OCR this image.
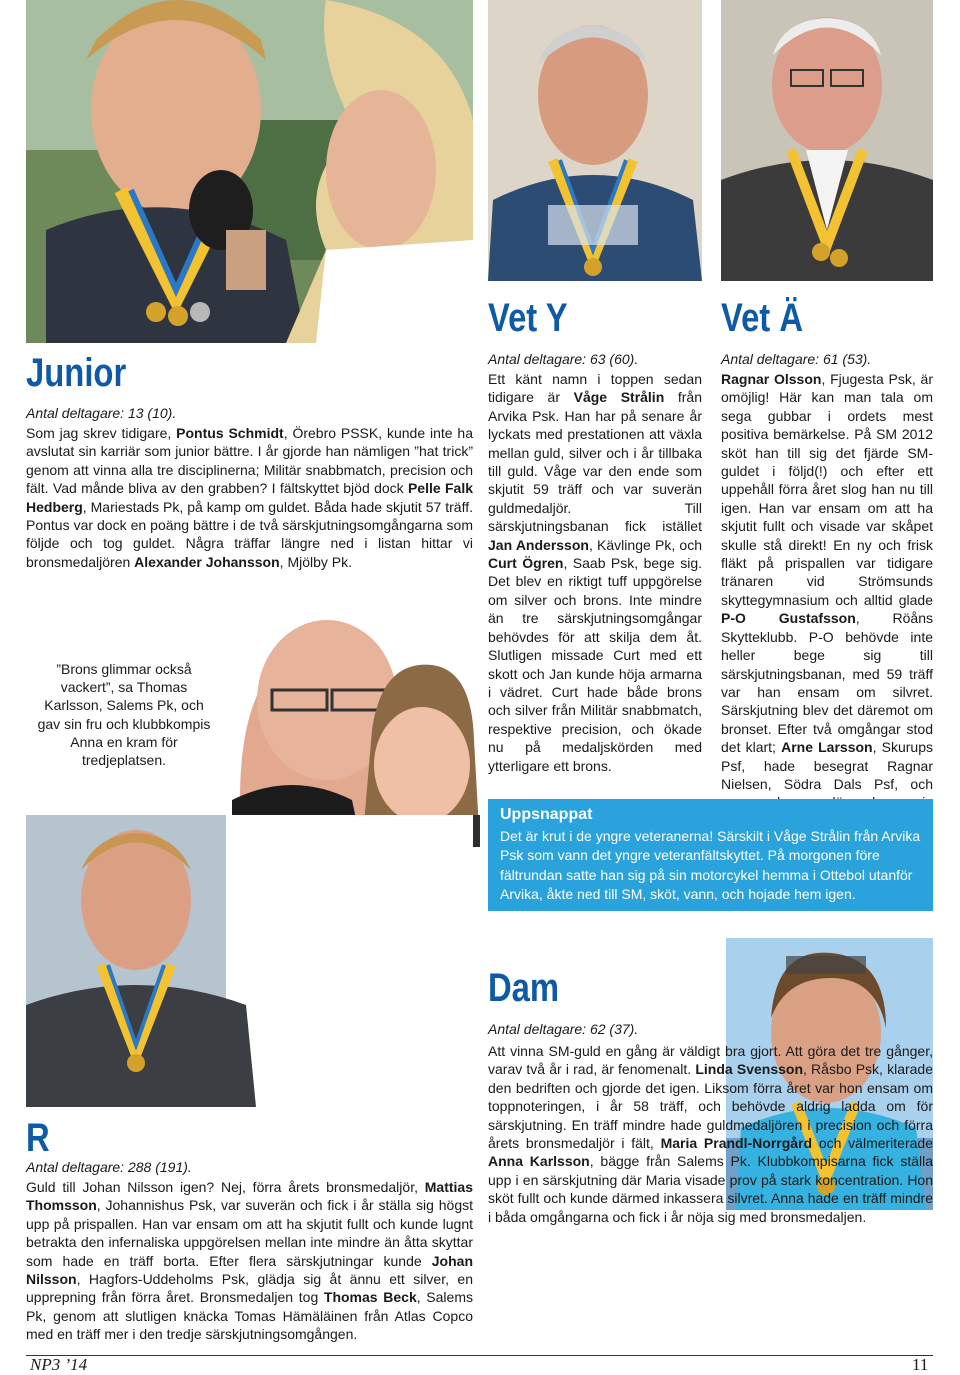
Junior

Antal deltagare: 13 (10).

Som jag skrev tidigare, Pontus Schmidt, Örebro PSSK, kunde inte ha avslutat sin karriär som junior bättre. I år gjorde han nämligen ”hat trick” genom att vinna alla tre disciplinerna; Militär snabbmatch, precision och fält. Vad månde bliva av den grabben? I fältskyttet bjöd dock Pelle Falk Hedberg, Mariestads Pk, på kamp om guldet. Båda hade skjutit 57 träff. Pontus var dock en poäng bättre i de två särskjutningsomgångarna som följde och tog guldet. Några träffar längre ned i listan hittar vi bronsmedaljören Alexander Johansson, Mjölby Pk.
”Brons glimmar också vackert”, sa Thomas Karlsson, Salems Pk, och gav sin fru och klubbkompis Anna en kram för tredjeplatsen.
Vet Y

Antal deltagare: 63 (60).

Ett känt namn i toppen sedan tidigare är Våge Strålin från Arvika Psk. Han har på senare år lyckats med prestationen att växla mellan guld, silver och i år tillbaka till guld. Våge var den ende som skjutit 59 träff och var suverän guldmedaljör. Till särskjutningsbanan fick istället Jan Andersson, Kävlinge Pk, och Curt Ögren, Saab Psk, bege sig. Det blev en riktigt tuff uppgörelse om silver och brons. Inte mindre än tre särskjutningsomgångar behövdes för att skilja dem åt. Slutligen missade Curt med ett skott och Jan kunde höja armarna i vädret. Curt hade både brons och silver från Militär snabbmatch, respektive precision, och ökade nu på medaljskörden med ytterligare ett brons.
Vet Ä

Antal deltagare: 61 (53).

Ragnar Olsson, Fjugesta Psk, är omöjlig! Här kan man tala om sega gubbar i ordets mest positiva bemärkelse. På SM 2012 sköt han till sig det fjärde SM-guldet i följd(!) och efter ett uppehåll förra året slog han nu till igen. Han var ensam om att ha skjutit fullt och visade var skåpet skulle stå direkt! En ny och frisk fläkt på prispallen var tidigare tränaren vid Strömsunds skyttegymnasium och alltid glade P-O Gustafsson, Röåns Skytteklubb. P-O behövde inte heller bege sig till särskjutningsbanan, med 59 träff var han ensam om silvret. Särskjutning blev det däremot om bronset. Efter två omgångar stod det klart; Arne Larsson, Skurups Psf, hade besegrat Ragnar Nielsen, Södra Dals Psf, och
Uppsnappat
Det är krut i de yngre veteranerna! Särskilt i Våge Strålin från Arvika Psk som vann det yngre veteranfältskyttet. På morgonen före fältrundan satte han sig på sin motorcykel hemma i Ottebol utanför Arvika, åkte ned till SM, sköt, vann, och hojade hem igen.
Dam

Antal deltagare: 62 (37).

Att vinna SM-guld en gång är väldigt bra gjort. Att göra det tre gånger, varav två år i rad, är fenomenalt. Linda Svensson, Råsbo Psk, klarade den bedriften och gjorde det igen. Liksom förra året var hon ensam om toppnoteringen, i år 58 träff, och behövde aldrig ladda om för särskjutning. En träff mindre hade guldmedaljören i precision och förra årets bronsmedaljör i fält, Maria Prandl-Norrgård och välmeriterade Anna Karlsson, bägge från Salems Pk. Klubbkompisarna fick ställa upp i en särskjutning där Maria visade prov på stark koncentration. Hon sköt fullt och kunde därmed inkassera silvret. Anna hade en träff mindre i båda omgångarna och fick i år nöja sig med bronsmedaljen.
R

Antal deltagare: 288 (191).

Guld till Johan Nilsson igen? Nej, förra årets bronsmedaljör, Mattias Thomsson, Johannishus Psk, var suverän och fick i år ställa sig högst upp på prispallen. Han var ensam om att ha skjutit fullt och kunde lugnt betrakta den infernaliska uppgörelsen mellan inte mindre än åtta skyttar som hade en träff borta. Efter flera särskjutningar kunde Johan Nilsson, Hagfors-Uddeholms Psk, glädja sig åt ännu ett silver, en upprepning från förra året. Bronsmedaljen tog Thomas Beck, Salems Pk, genom att slutligen knäcka Tomas Hämäläinen från Atlas Copco med en träff mer i den tredje särskjutningsomgången.
NP3 ’14	11
